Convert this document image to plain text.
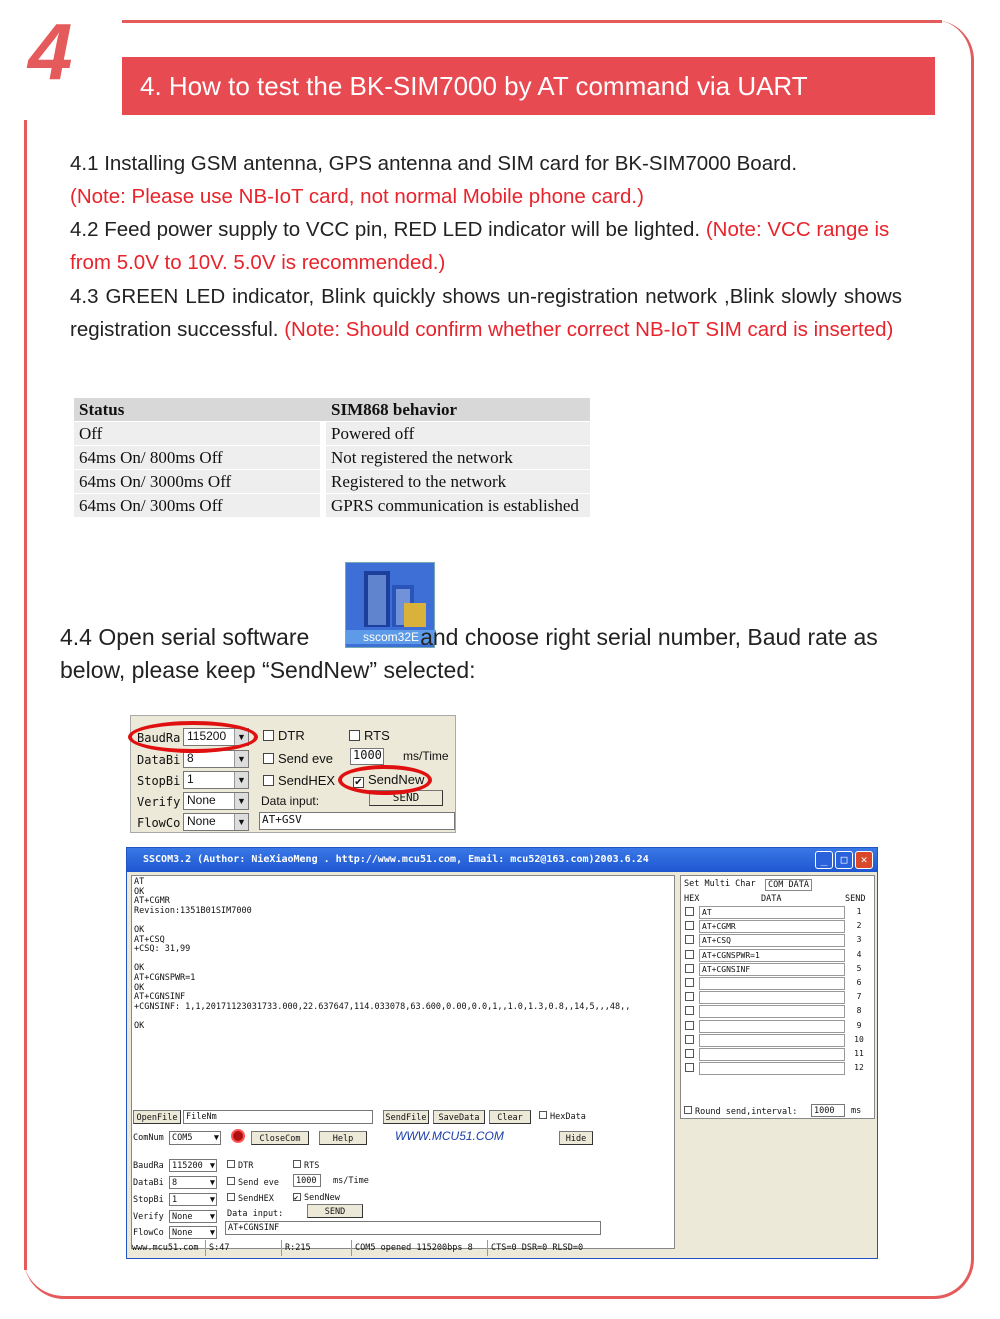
4	4. How to test the BK-SIM7000 by AT command via UART
4.1 Installing GSM antenna, GPS antenna and SIM card for BK-SIM7000 Board.
(Note: Please use NB-IoT card, not normal Mobile phone card.)
4.2 Feed power supply to VCC pin, RED LED indicator will be lighted. (Note: VCC range is from 5.0V to 10V. 5.0V is recommended.)
4.3 GREEN LED indicator, Blink quickly shows un-registration network ,Blink slowly shows registration successful. (Note: Should confirm whether correct NB-IoT SIM card is inserted)
Status		SIM868 behavior
Off		Powered off
64ms On/ 800ms Off		Not registered the network
64ms On/ 3000ms Off		Registered to the network
64ms On/ 300ms Off		GPRS communication is established
sscom32E
4.4 Open serial software	and choose right serial number, Baud rate as below, please keep “SendNew” selected:
BaudRa 115200	▼
DataBi 8	▼
StopBi 1	▼
Verify None	▼
FlowCo None	▼
DTR	RTS
Send eve 1000 ms/Time
SendHEX ✔ SendNew
Data input:	SEND
AT+GSV
SSCOM3.2 (Author: NieXiaoMeng . http://www.mcu51.com, Email: mcu52@163.com)2003.6.24	_	□	✕
AT
OK
AT+CGMR
Revision:1351B01SIM7000

OK
AT+CSQ
+CSQ: 31,99

OK
AT+CGNSPWR=1
OK
AT+CGNSINF
+CGNSINF: 1,1,20171123031733.000,22.637647,114.033078,63.600,0.00,0.0,1,,1.0,1.3,0.8,,14,5,,,48,,

OK
Set Multi Char	COM DATA
HEX	DATA	SEND
AT	1
AT+CGMR	2
AT+CSQ	3
AT+CGNSPWR=1	4
AT+CGNSINF	5
6
7
8
9
10
11
12
Round send,interval:	1000	ms
OpenFile	FileNm	SendFile	SaveData	Clear	HexData
ComNum COM5	▼	CloseCom	Help	WWW.MCU51.COM	Hide
BaudRa 115200 ▼
DataBi 8	▼
StopBi 1	▼
Verify None ▼
FlowCo None ▼
DTR	RTS
Send eve	1000	ms/Time
SendHEX	✔ SendNew
Data input:	SEND
AT+CGNSINF
www.mcu51.com	S:47	R:215	COM5 opened 115200bps 8	CTS=0 DSR=0 RLSD=0
